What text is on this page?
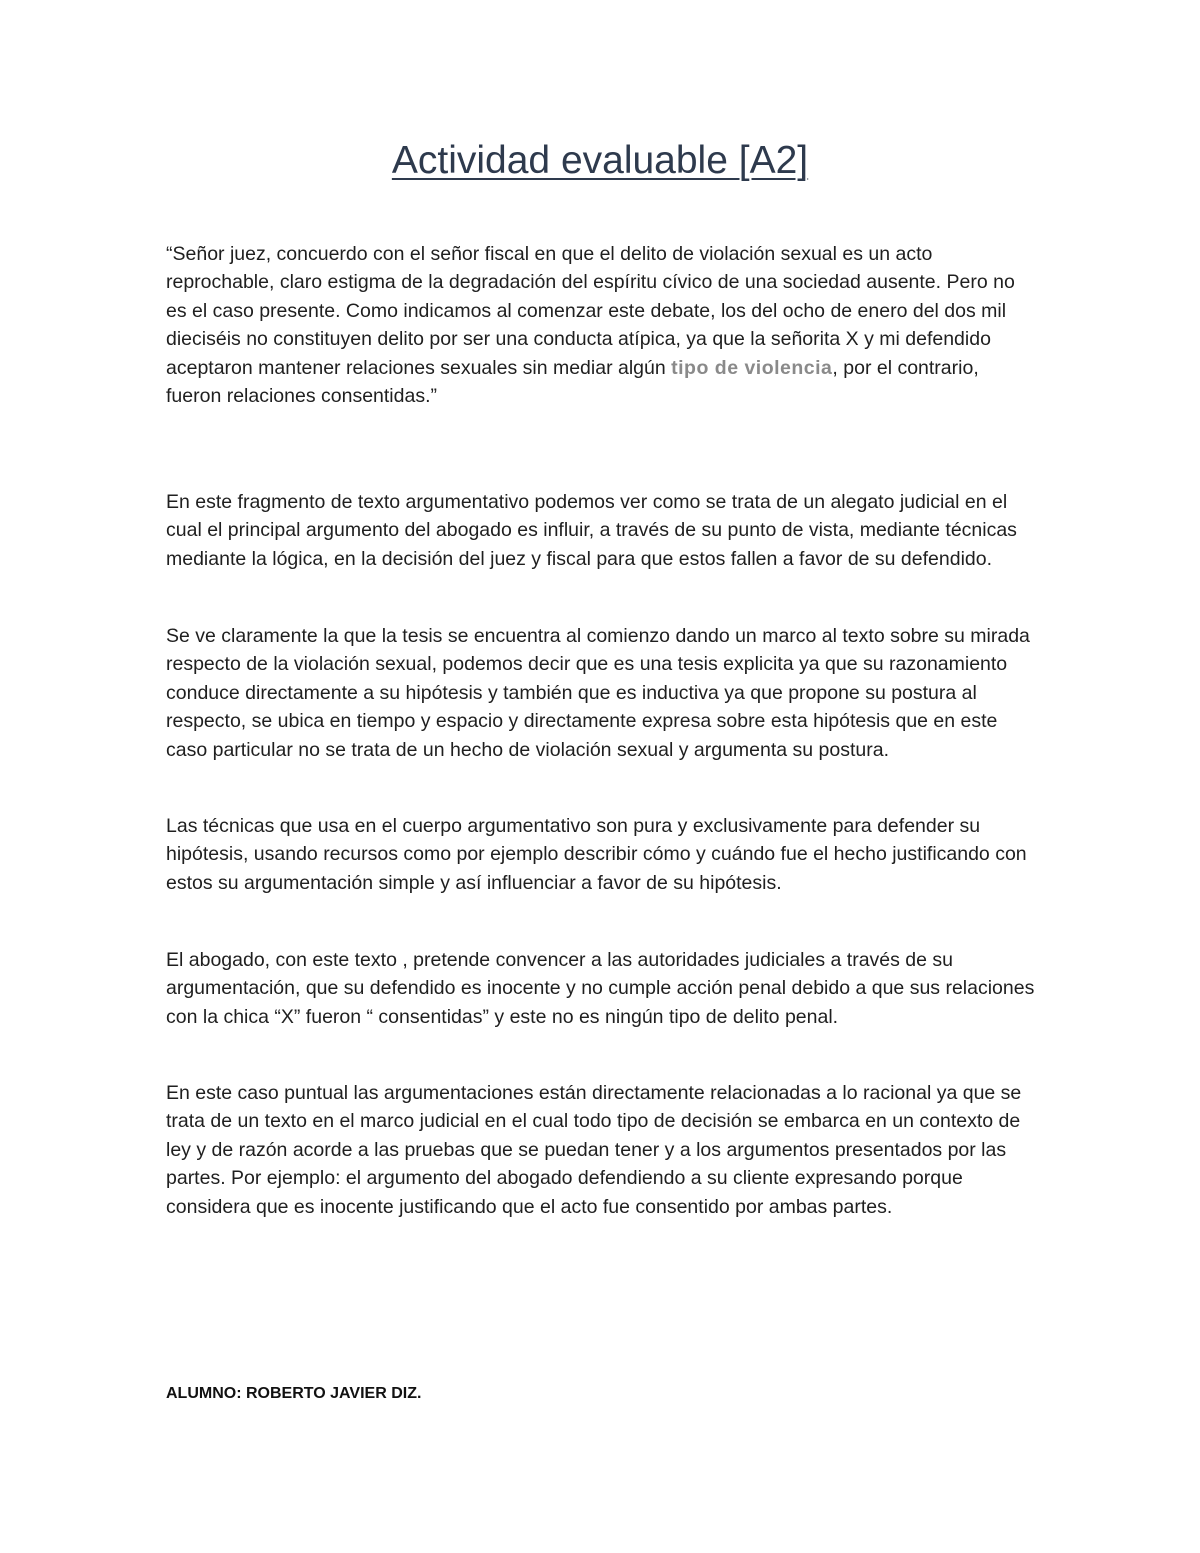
Actividad evaluable [A2]

“Señor juez, concuerdo con el señor fiscal en que el delito de violación sexual es un acto reprochable, claro estigma de la degradación del espíritu cívico de una sociedad ausente. Pero no es el caso presente. Como indicamos al comenzar este debate, los del ocho de enero del dos mil dieciséis no constituyen delito por ser una conducta atípica, ya que la señorita X y mi defendido aceptaron mantener relaciones sexuales sin mediar algún tipo de violencia, por el contrario, fueron relaciones consentidas.”

En este fragmento de texto argumentativo podemos ver como se trata de un alegato judicial en el cual el principal argumento del abogado es influir, a través de su punto de vista, mediante técnicas mediante la lógica, en la decisión del juez y fiscal para que estos fallen a favor de su defendido.

Se ve claramente la que la tesis se encuentra al comienzo dando un marco al texto sobre su mirada respecto de la violación sexual, podemos decir que es una tesis explicita ya que su razonamiento conduce directamente a su hipótesis y también que es inductiva ya que propone su postura al respecto, se ubica en tiempo y espacio y directamente expresa sobre esta hipótesis que en este caso particular no se trata de un hecho de violación sexual y argumenta su postura.

Las técnicas que usa en el cuerpo argumentativo son pura y exclusivamente para defender su hipótesis, usando recursos como por ejemplo describir cómo y cuándo fue el hecho justificando con estos su argumentación simple y así influenciar a favor de su hipótesis.

El abogado, con este texto , pretende convencer a las autoridades judiciales a través de su argumentación, que su defendido es inocente y no cumple acción penal debido a que sus relaciones con la chica “X” fueron “ consentidas” y este no es ningún tipo de delito penal.

En este caso puntual las argumentaciones están directamente relacionadas a lo racional ya que se trata de un texto en el marco judicial en el cual todo tipo de decisión se embarca en un contexto de ley y de razón acorde a las pruebas que se puedan tener y a los argumentos presentados por las partes. Por ejemplo: el argumento del abogado defendiendo a su cliente expresando porque considera que es inocente justificando que el acto fue consentido por ambas partes.

ALUMNO: ROBERTO JAVIER DIZ.
